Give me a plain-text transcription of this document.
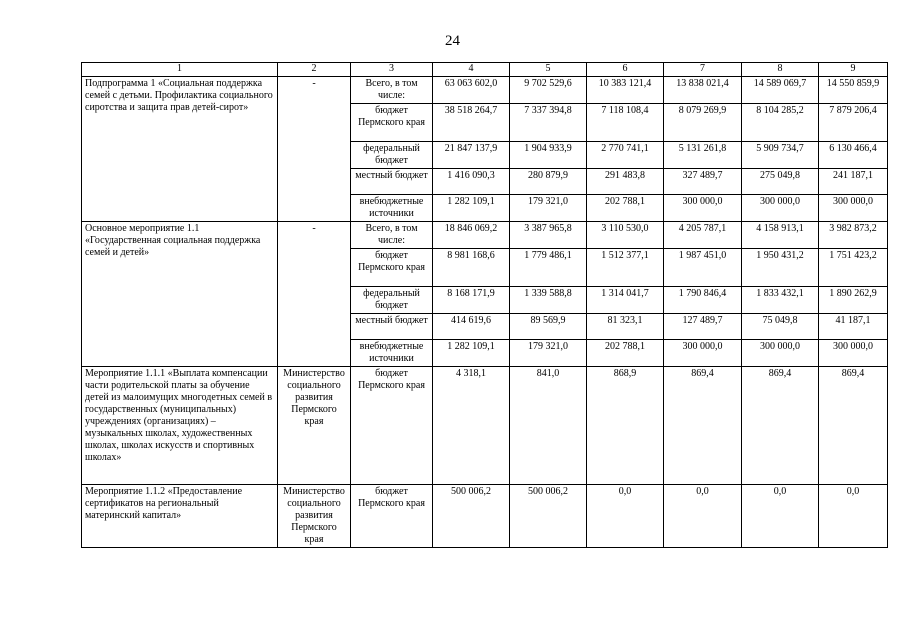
24
1	2	3	4	5	6	7	8	9
Подпрограмма 1 «Социальная поддержка семей с детьми. Профилактика социального сиротства и защита прав детей-сирот»	-	Всего, в том числе:	63 063 602,0	9 702 529,6	10 383 121,4	13 838 021,4	14 589 069,7	14 550 859,9
		бюджет Пермского края	38 518 264,7	7 337 394,8	7 118 108,4	8 079 269,9	8 104 285,2	7 879 206,4
		федеральный бюджет	21 847 137,9	1 904 933,9	2 770 741,1	5 131 261,8	5 909 734,7	6 130 466,4
		местный бюджет	1 416 090,3	280 879,9	291 483,8	327 489,7	275 049,8	241 187,1
		внебюджетные источники	1 282 109,1	179 321,0	202 788,1	300 000,0	300 000,0	300 000,0
Основное мероприятие 1.1 «Государственная социальная поддержка семей и детей»	-	Всего, в том числе:	18 846 069,2	3 387 965,8	3 110 530,0	4 205 787,1	4 158 913,1	3 982 873,2
		бюджет Пермского края	8 981 168,6	1 779 486,1	1 512 377,1	1 987 451,0	1 950 431,2	1 751 423,2
		федеральный бюджет	8 168 171,9	1 339 588,8	1 314 041,7	1 790 846,4	1 833 432,1	1 890 262,9
		местный бюджет	414 619,6	89 569,9	81 323,1	127 489,7	75 049,8	41 187,1
		внебюджетные источники	1 282 109,1	179 321,0	202 788,1	300 000,0	300 000,0	300 000,0
Мероприятие 1.1.1 «Выплата компенсации части родительской платы за обучение детей из малоимущих многодетных семей в государственных (муниципальных) учреждениях (организациях) – музыкальных школах, художественных школах, школах искусств и спортивных школах»	Министерство социального развития Пермского края	бюджет Пермского края	4 318,1	841,0	868,9	869,4	869,4	869,4
Мероприятие 1.1.2 «Предоставление сертификатов на региональный материнский капитал»	Министерство социального развития Пермского края	бюджет Пермского края	500 006,2	500 006,2	0,0	0,0	0,0	0,0
